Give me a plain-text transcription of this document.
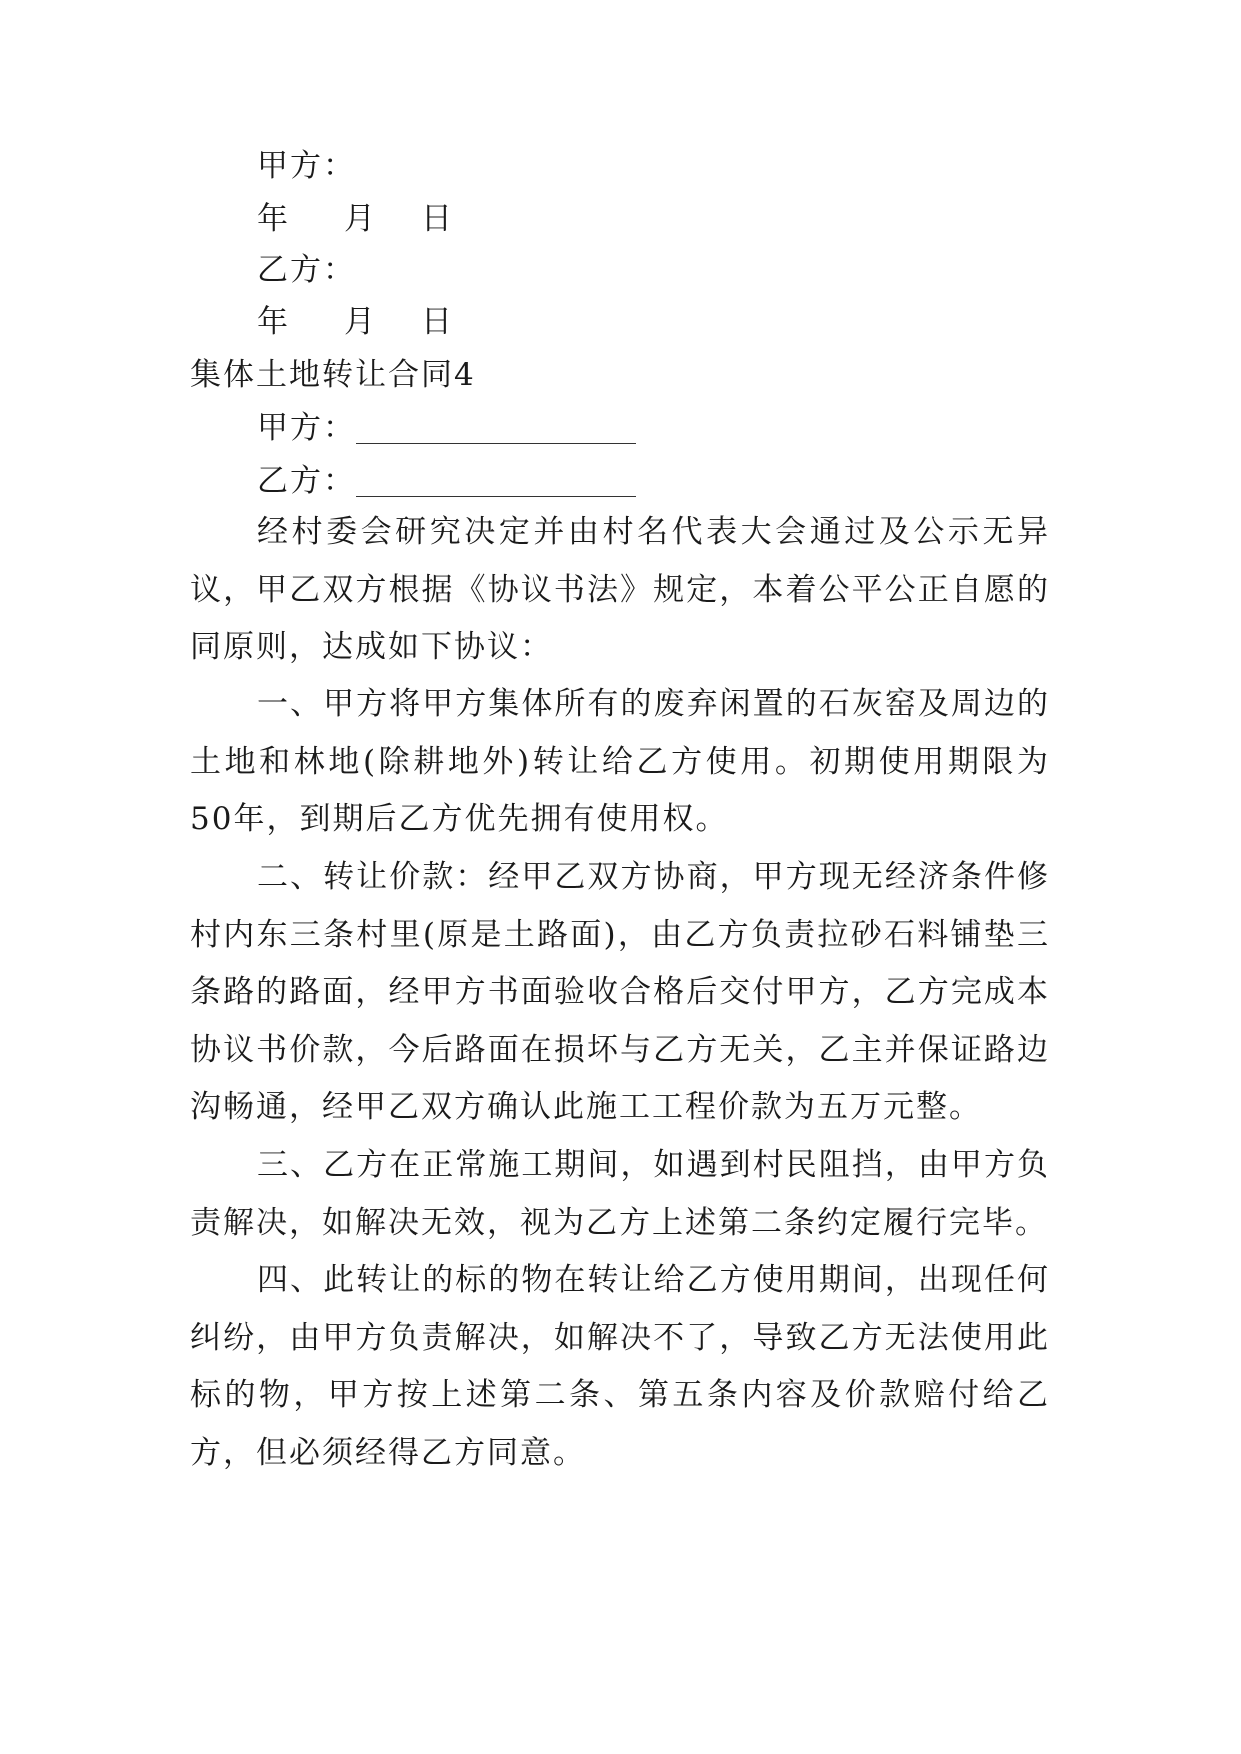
甲方：
年 月 日
乙方：
年 月 日
集体土地转让合同4
甲方：
乙方：

经村委会研究决定并由村名代表大会通过及公示无异议，甲乙双方根据《协议书法》规定，本着公平公正自愿的同原则，达成如下协议：

一、甲方将甲方集体所有的废弃闲置的石灰窑及周边的土地和林地(除耕地外)转让给乙方使用。初期使用期限为50年，到期后乙方优先拥有使用权。

二、转让价款：经甲乙双方协商，甲方现无经济条件修村内东三条村里(原是土路面)，由乙方负责拉砂石料铺垫三条路的路面，经甲方书面验收合格后交付甲方，乙方完成本协议书价款，今后路面在损坏与乙方无关，乙主并保证路边沟畅通，经甲乙双方确认此施工工程价款为五万元整。

三、乙方在正常施工期间，如遇到村民阻挡，由甲方负责解决，如解决无效，视为乙方上述第二条约定履行完毕。

四、此转让的标的物在转让给乙方使用期间，出现任何纠纷，由甲方负责解决，如解决不了，导致乙方无法使用此标的物，甲方按上述第二条、第五条内容及价款赔付给乙方，但必须经得乙方同意。
